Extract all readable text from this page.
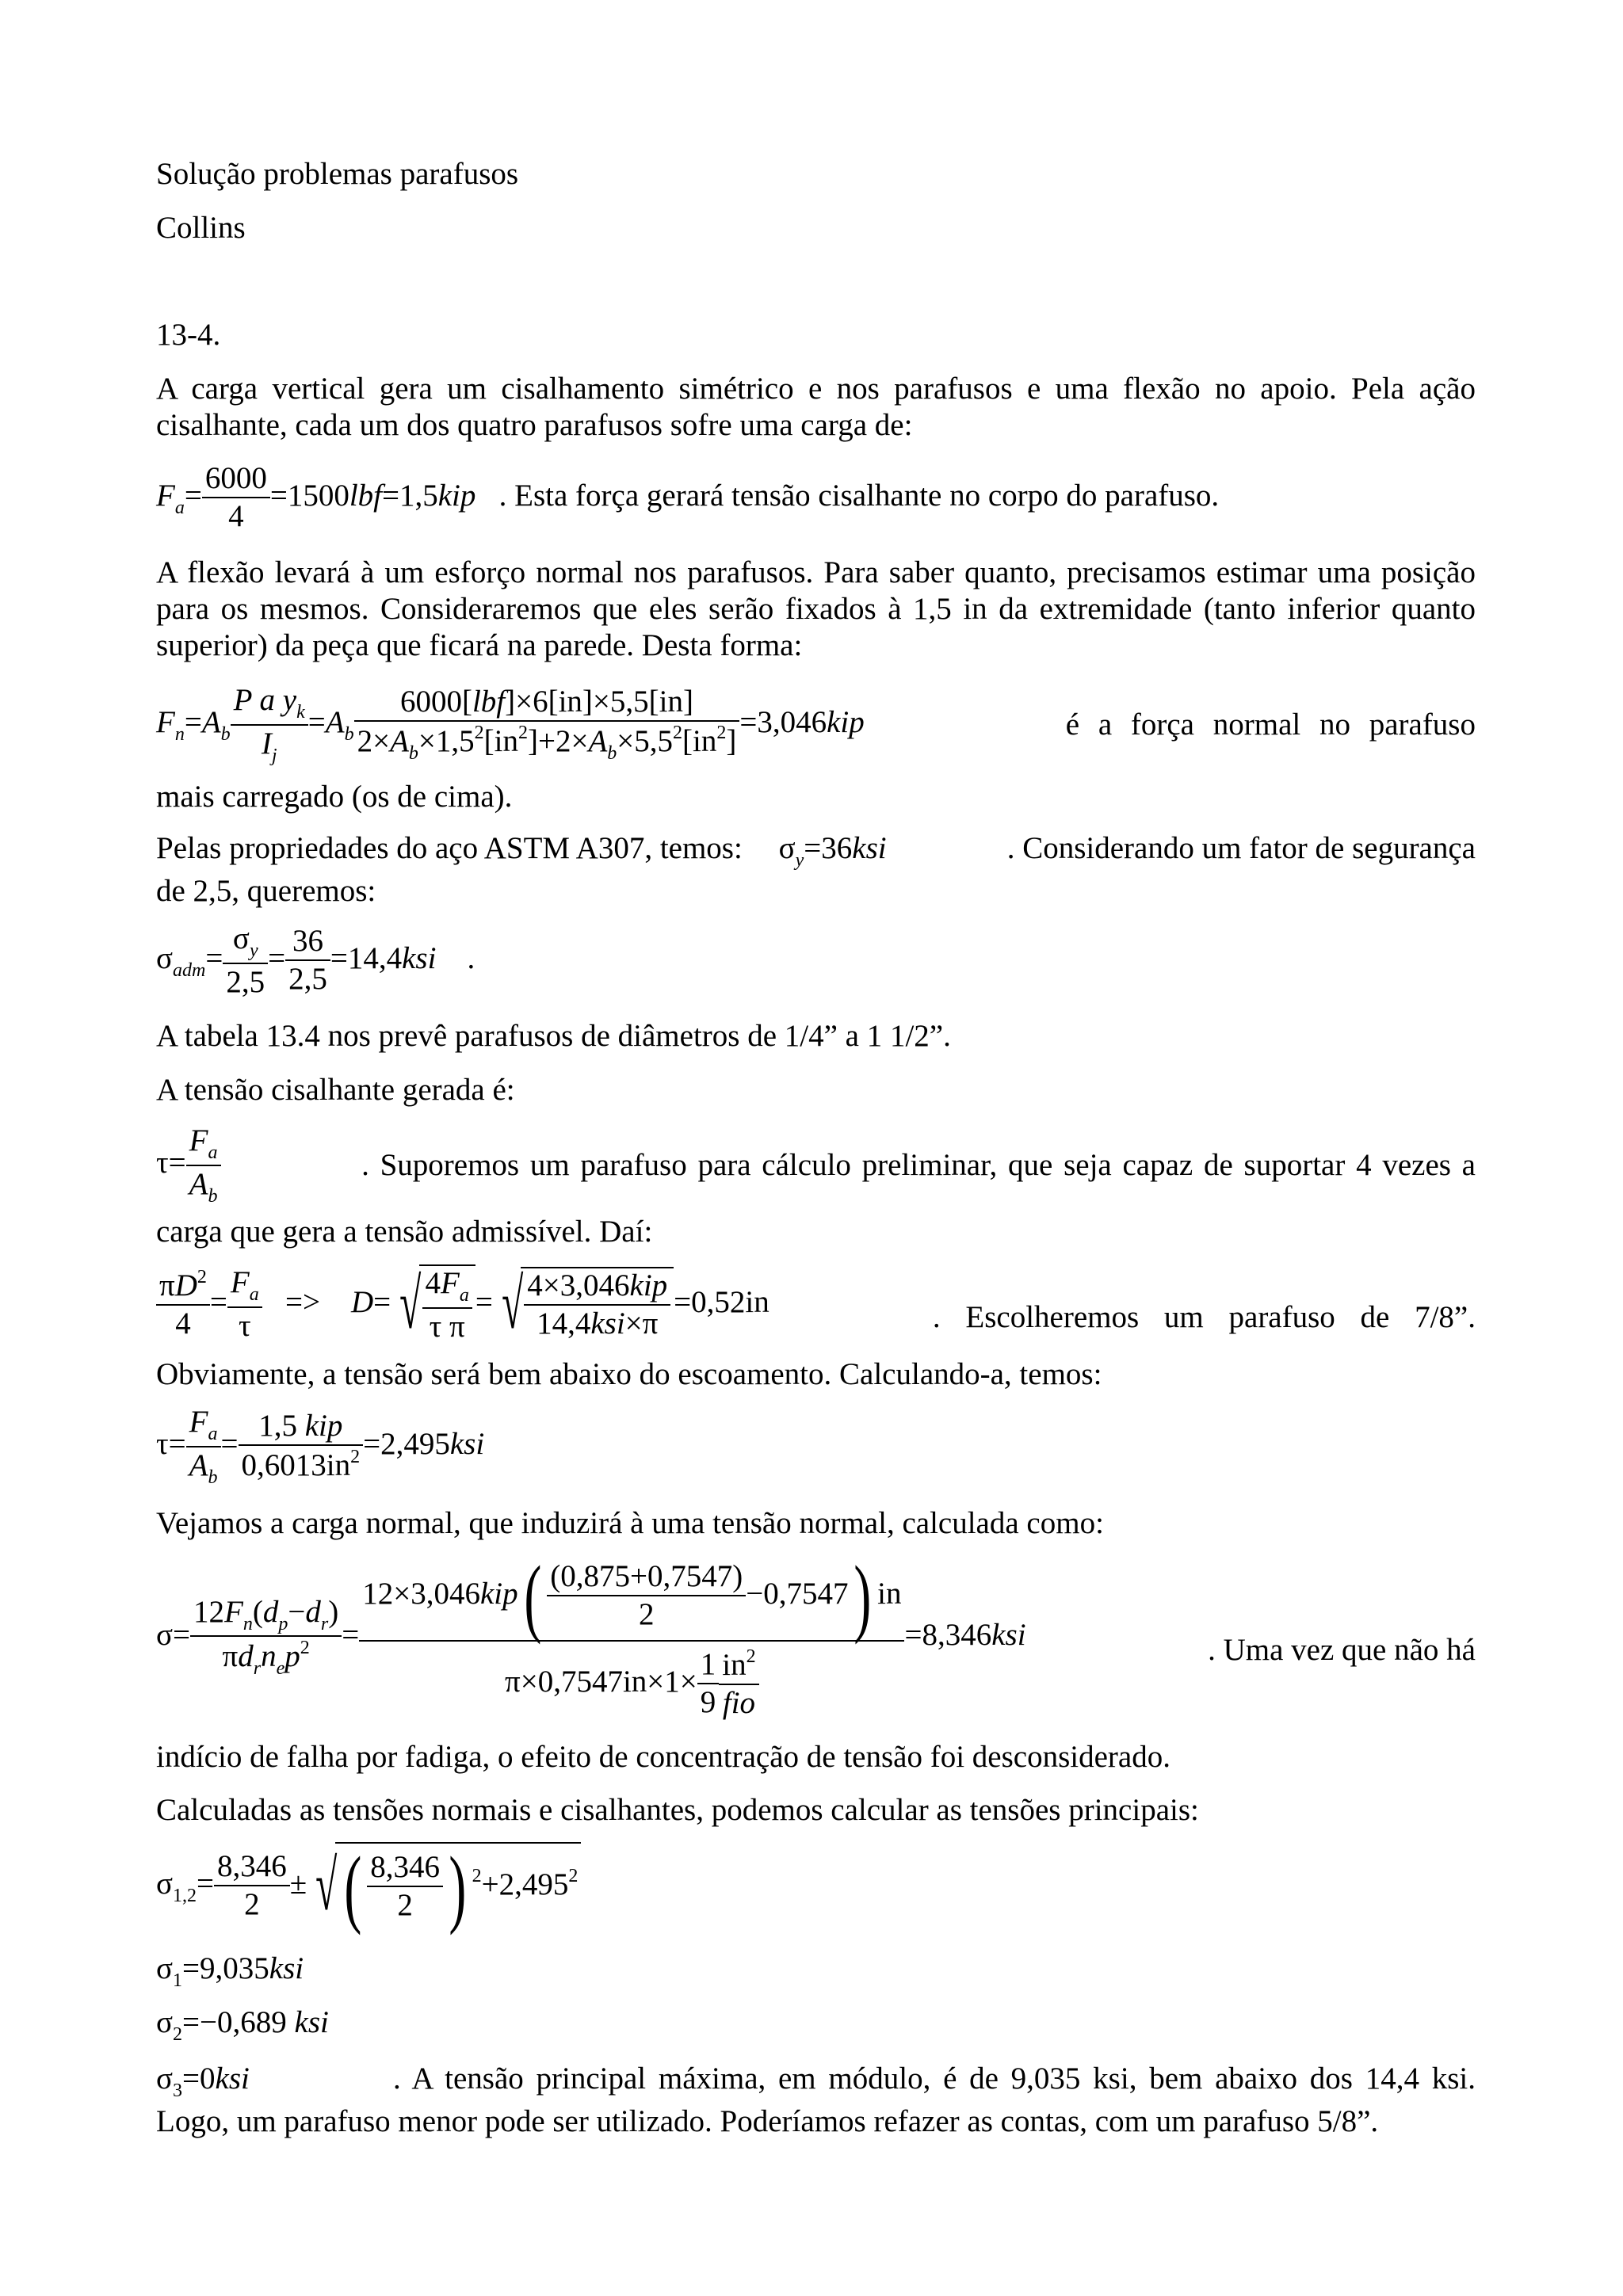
Solução problemas parafusos

Collins

13-4.

A carga vertical gera um cisalhamento simétrico e nos parafusos e uma flexão no apoio. Pela ação cisalhante, cada um dos quatro parafusos sofre uma carga de:

$F_a= \frac{6000}{4} =1500lbf=1,5kip$ . Esta força gerará tensão cisalhante no corpo do parafuso.

A flexão levará à um esforço normal nos parafusos. Para saber quanto, precisamos estimar uma posição para os mesmos. Consideraremos que eles serão fixados à 1,5 in da extremidade (tanto inferior quanto superior) da peça que ficará na parede. Desta forma:

$F_n=A_b \frac{P a y_k}{I_j} =A_b \frac{\text{6000[lbf]×6[in]×5,5[in]}}{2\times A_b\times 1,5^2[in^2]+2\times A_b\times 5,5^2[in^2]} =3,046kip$	é a força normal no parafuso

mais carregado (os de cima).

Pelas propriedades do aço ASTM A307, temos: $\sigma_y=36ksi$	. Considerando um fator de segurança

de 2,5, queremos:

$\sigma_{adm}= \frac{\sigma_y}{2,5} = \frac{36}{2,5} =14,4ksi$    .

A tabela 13.4 nos prevê parafusos de diâmetros de 1/4” a 1 1/2”.

A tensão cisalhante gerada é:

$\tau= \frac{F_a}{A_b}$	. Suporemos um parafuso para cálculo preliminar, que seja capaz de suportar 4 vezes a

carga que gera a tensão admissível. Daí:

$\frac{\pi D^2}{4} = \frac{F_a}{\tau}$ =>    D= √ $\frac{4F_a}{\text{τ π}}$ = √ $\frac{\text{4×3,046kip}}{\text{14,4ksi×π}} =0,52in$	. Escolheremos um parafuso de 7/8”.

Obviamente, a tensão será bem abaixo do escoamento. Calculando-a, temos:

$\tau= \frac{F_a}{A_b} = \frac{\text{1,5 kip}}{0,6013in^2} =2,495ksi$

Vejamos a carga normal, que induzirá à uma tensão normal, calculada como:

$\sigma= \frac{12F_n(d_p-d_r)}{\pi d_rn_ep^2} = \frac{12\times 3,046kip( \frac{(0,875+0,7547)}{2} -0,7547) in}{\pi\times 0,7547in\times 1\times \frac{1}{9} \frac{in^2}{\text{fio}}} =8,346ksi$	. Uma vez que não há

indício de falha por fadiga, o efeito de concentração de tensão foi desconsiderado.

Calculadas as tensões normais e cisalhantes, podemos calcular as tensões principais:

$\sigma_{1,2}= \frac{8,346}{2}$ ± √( $\frac{8,346}{2}$ ) $^2+2,495^2$
$\sigma_1=9,035ksi$
$\sigma_2=-0,689$ ksi
$\sigma_3=0ksi$	. A tensão principal máxima, em módulo, é de 9,035 ksi, bem abaixo dos 14,4 ksi.

Logo, um parafuso menor pode ser utilizado. Poderíamos refazer as contas, com um parafuso 5/8”.
